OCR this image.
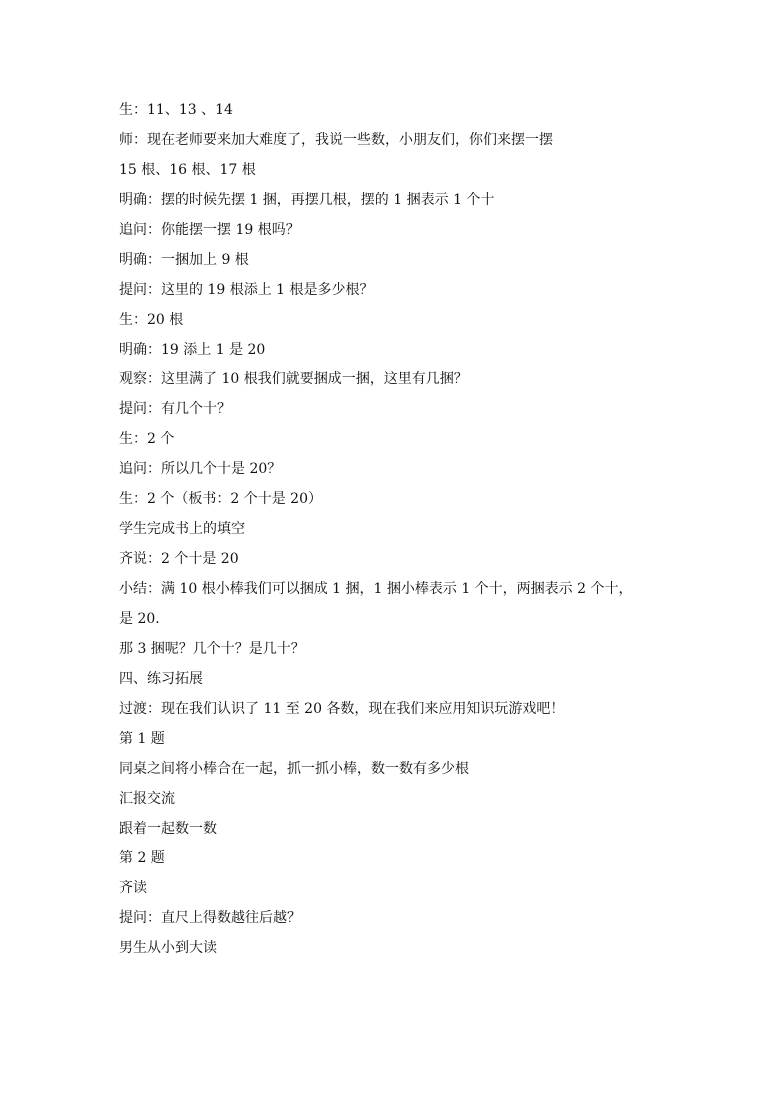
生：11、13 、14
师：现在老师要来加大难度了，我说一些数，小朋友们，你们来摆一摆
15 根、16 根、17 根
明确：摆的时候先摆 1 捆，再摆几根，摆的 1 捆表示 1 个十
追问：你能摆一摆 19 根吗？
明确：一捆加上 9 根
提问：这里的 19 根添上 1 根是多少根？
生：20 根
明确：19 添上 1 是 20
观察：这里满了 10 根我们就要捆成一捆，这里有几捆？
提问：有几个十？
生：2 个
追问：所以几个十是 20？
生：2 个（板书：2 个十是 20）
学生完成书上的填空
齐说：2 个十是 20
小结：满 10 根小棒我们可以捆成 1 捆，1 捆小棒表示 1 个十，两捆表示 2 个十，
是 20.
那 3 捆呢？几个十？是几十？
四、练习拓展
过渡：现在我们认识了 11 至 20 各数，现在我们来应用知识玩游戏吧！
第 1 题
同桌之间将小棒合在一起，抓一抓小棒，数一数有多少根
汇报交流
跟着一起数一数
第 2 题
齐读
提问：直尺上得数越往后越？
男生从小到大读
